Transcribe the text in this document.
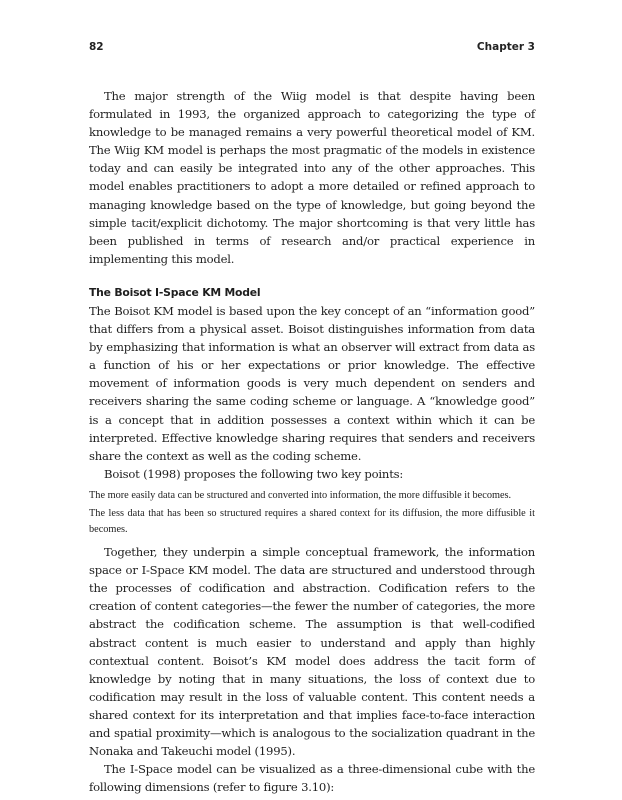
82	Chapter 3

The major strength of the Wiig model is that despite having been formulated in 1993, the organized approach to categorizing the type of knowledge to be managed remains a very powerful theoretical model of KM. The Wiig KM model is perhaps the most pragmatic of the models in existence today and can easily be integrated into any of the other approaches. This model enables practitioners to adopt a more detailed or refined approach to managing knowledge based on the type of knowledge, but going beyond the simple tacit/explicit dichotomy. The major shortcoming is that very little has been published in terms of research and/or practical experience in implementing this model.

The Boisot I-Space KM Model

The Boisot KM model is based upon the key concept of an “information good” that differs from a physical asset. Boisot distinguishes information from data by emphasizing that information is what an observer will extract from data as a function of his or her expectations or prior knowledge. The effective movement of information goods is very much dependent on senders and receivers sharing the same coding scheme or language. A “knowledge good” is a concept that in addition possesses a context within which it can be interpreted. Effective knowledge sharing requires that senders and receivers share the context as well as the coding scheme.

Boisot (1998) proposes the following two key points:

The more easily data can be structured and converted into information, the more diffusible it becomes.
The less data that has been so structured requires a shared context for its diffusion, the more diffusible it becomes.

Together, they underpin a simple conceptual framework, the information space or I-Space KM model. The data are structured and understood through the processes of codification and abstraction. Codification refers to the creation of content categories—the fewer the number of categories, the more abstract the codification scheme. The assumption is that well-codified abstract content is much easier to understand and apply than highly contextual content. Boisot’s KM model does address the tacit form of knowledge by noting that in many situations, the loss of context due to codification may result in the loss of valuable content. This content needs a shared context for its interpretation and that implies face-to-face interaction and spatial proximity—which is analogous to the socialization quadrant in the Nonaka and Takeuchi model (1995).

The I-Space model can be visualized as a three-dimensional cube with the following dimensions (refer to figure 3.10):
